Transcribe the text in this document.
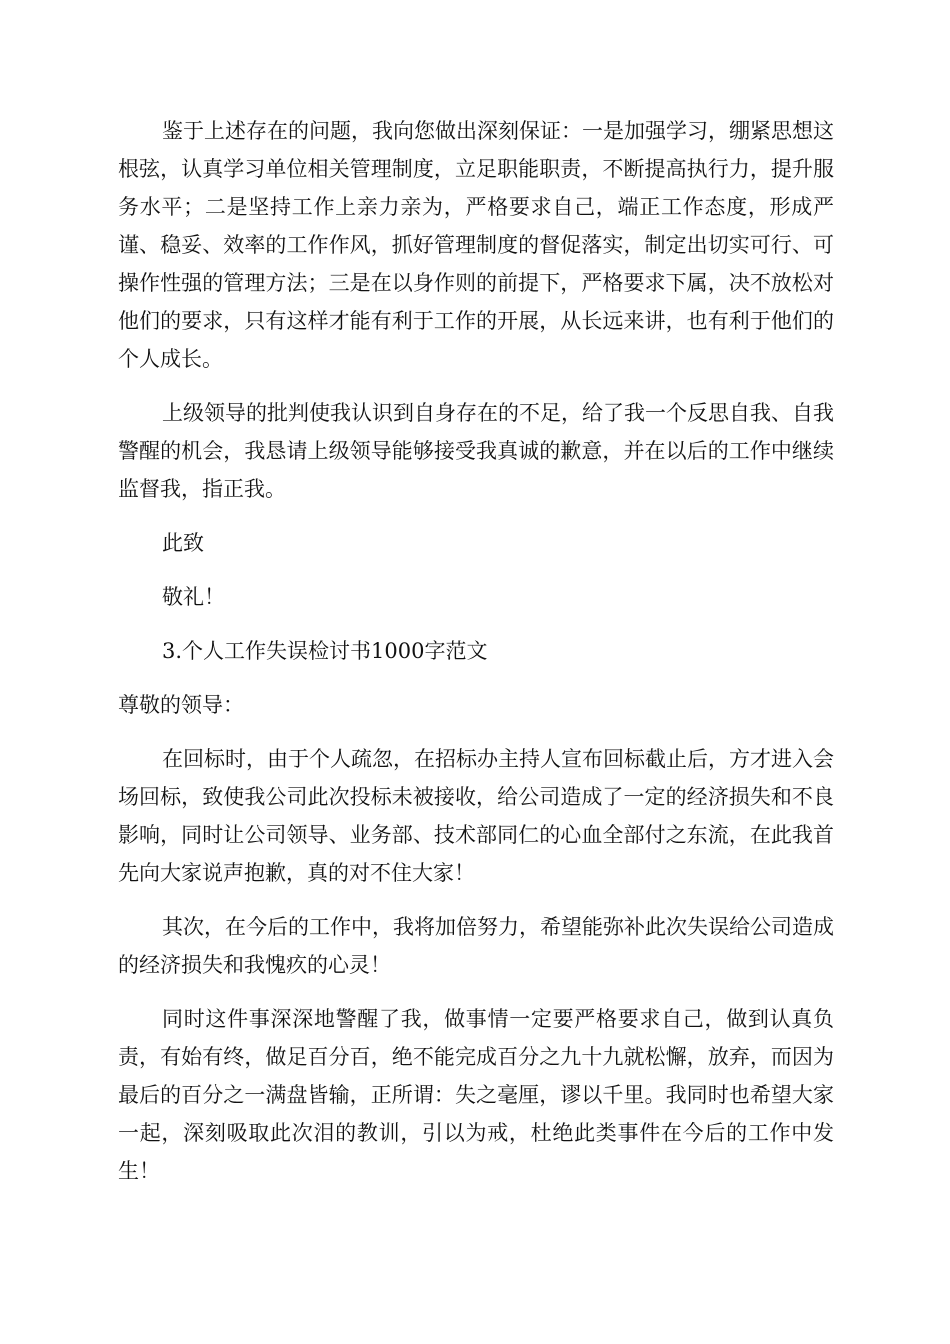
鉴于上述存在的问题，我向您做出深刻保证：一是加强学习，绷紧思想这根弦，认真学习单位相关管理制度，立足职能职责，不断提高执行力，提升服务水平；二是坚持工作上亲力亲为，严格要求自己，端正工作态度，形成严谨、稳妥、效率的工作作风，抓好管理制度的督促落实，制定出切实可行、可操作性强的管理方法；三是在以身作则的前提下，严格要求下属，决不放松对他们的要求，只有这样才能有利于工作的开展，从长远来讲，也有利于他们的个人成长。

上级领导的批判使我认识到自身存在的不足，给了我一个反思自我、自我警醒的机会，我恳请上级领导能够接受我真诚的歉意，并在以后的工作中继续监督我，指正我。

此致

敬礼！

3.个人工作失误检讨书1000字范文

尊敬的领导：

在回标时，由于个人疏忽，在招标办主持人宣布回标截止后，方才进入会场回标，致使我公司此次投标未被接收，给公司造成了一定的经济损失和不良影响，同时让公司领导、业务部、技术部同仁的心血全部付之东流，在此我首先向大家说声抱歉，真的对不住大家！

其次，在今后的工作中，我将加倍努力，希望能弥补此次失误给公司造成的经济损失和我愧疚的心灵！

同时这件事深深地警醒了我，做事情一定要严格要求自己，做到认真负责，有始有终，做足百分百，绝不能完成百分之九十九就松懈，放弃，而因为最后的百分之一满盘皆输，正所谓：失之毫厘，谬以千里。我同时也希望大家一起，深刻吸取此次泪的教训，引以为戒，杜绝此类事件在今后的工作中发生！
